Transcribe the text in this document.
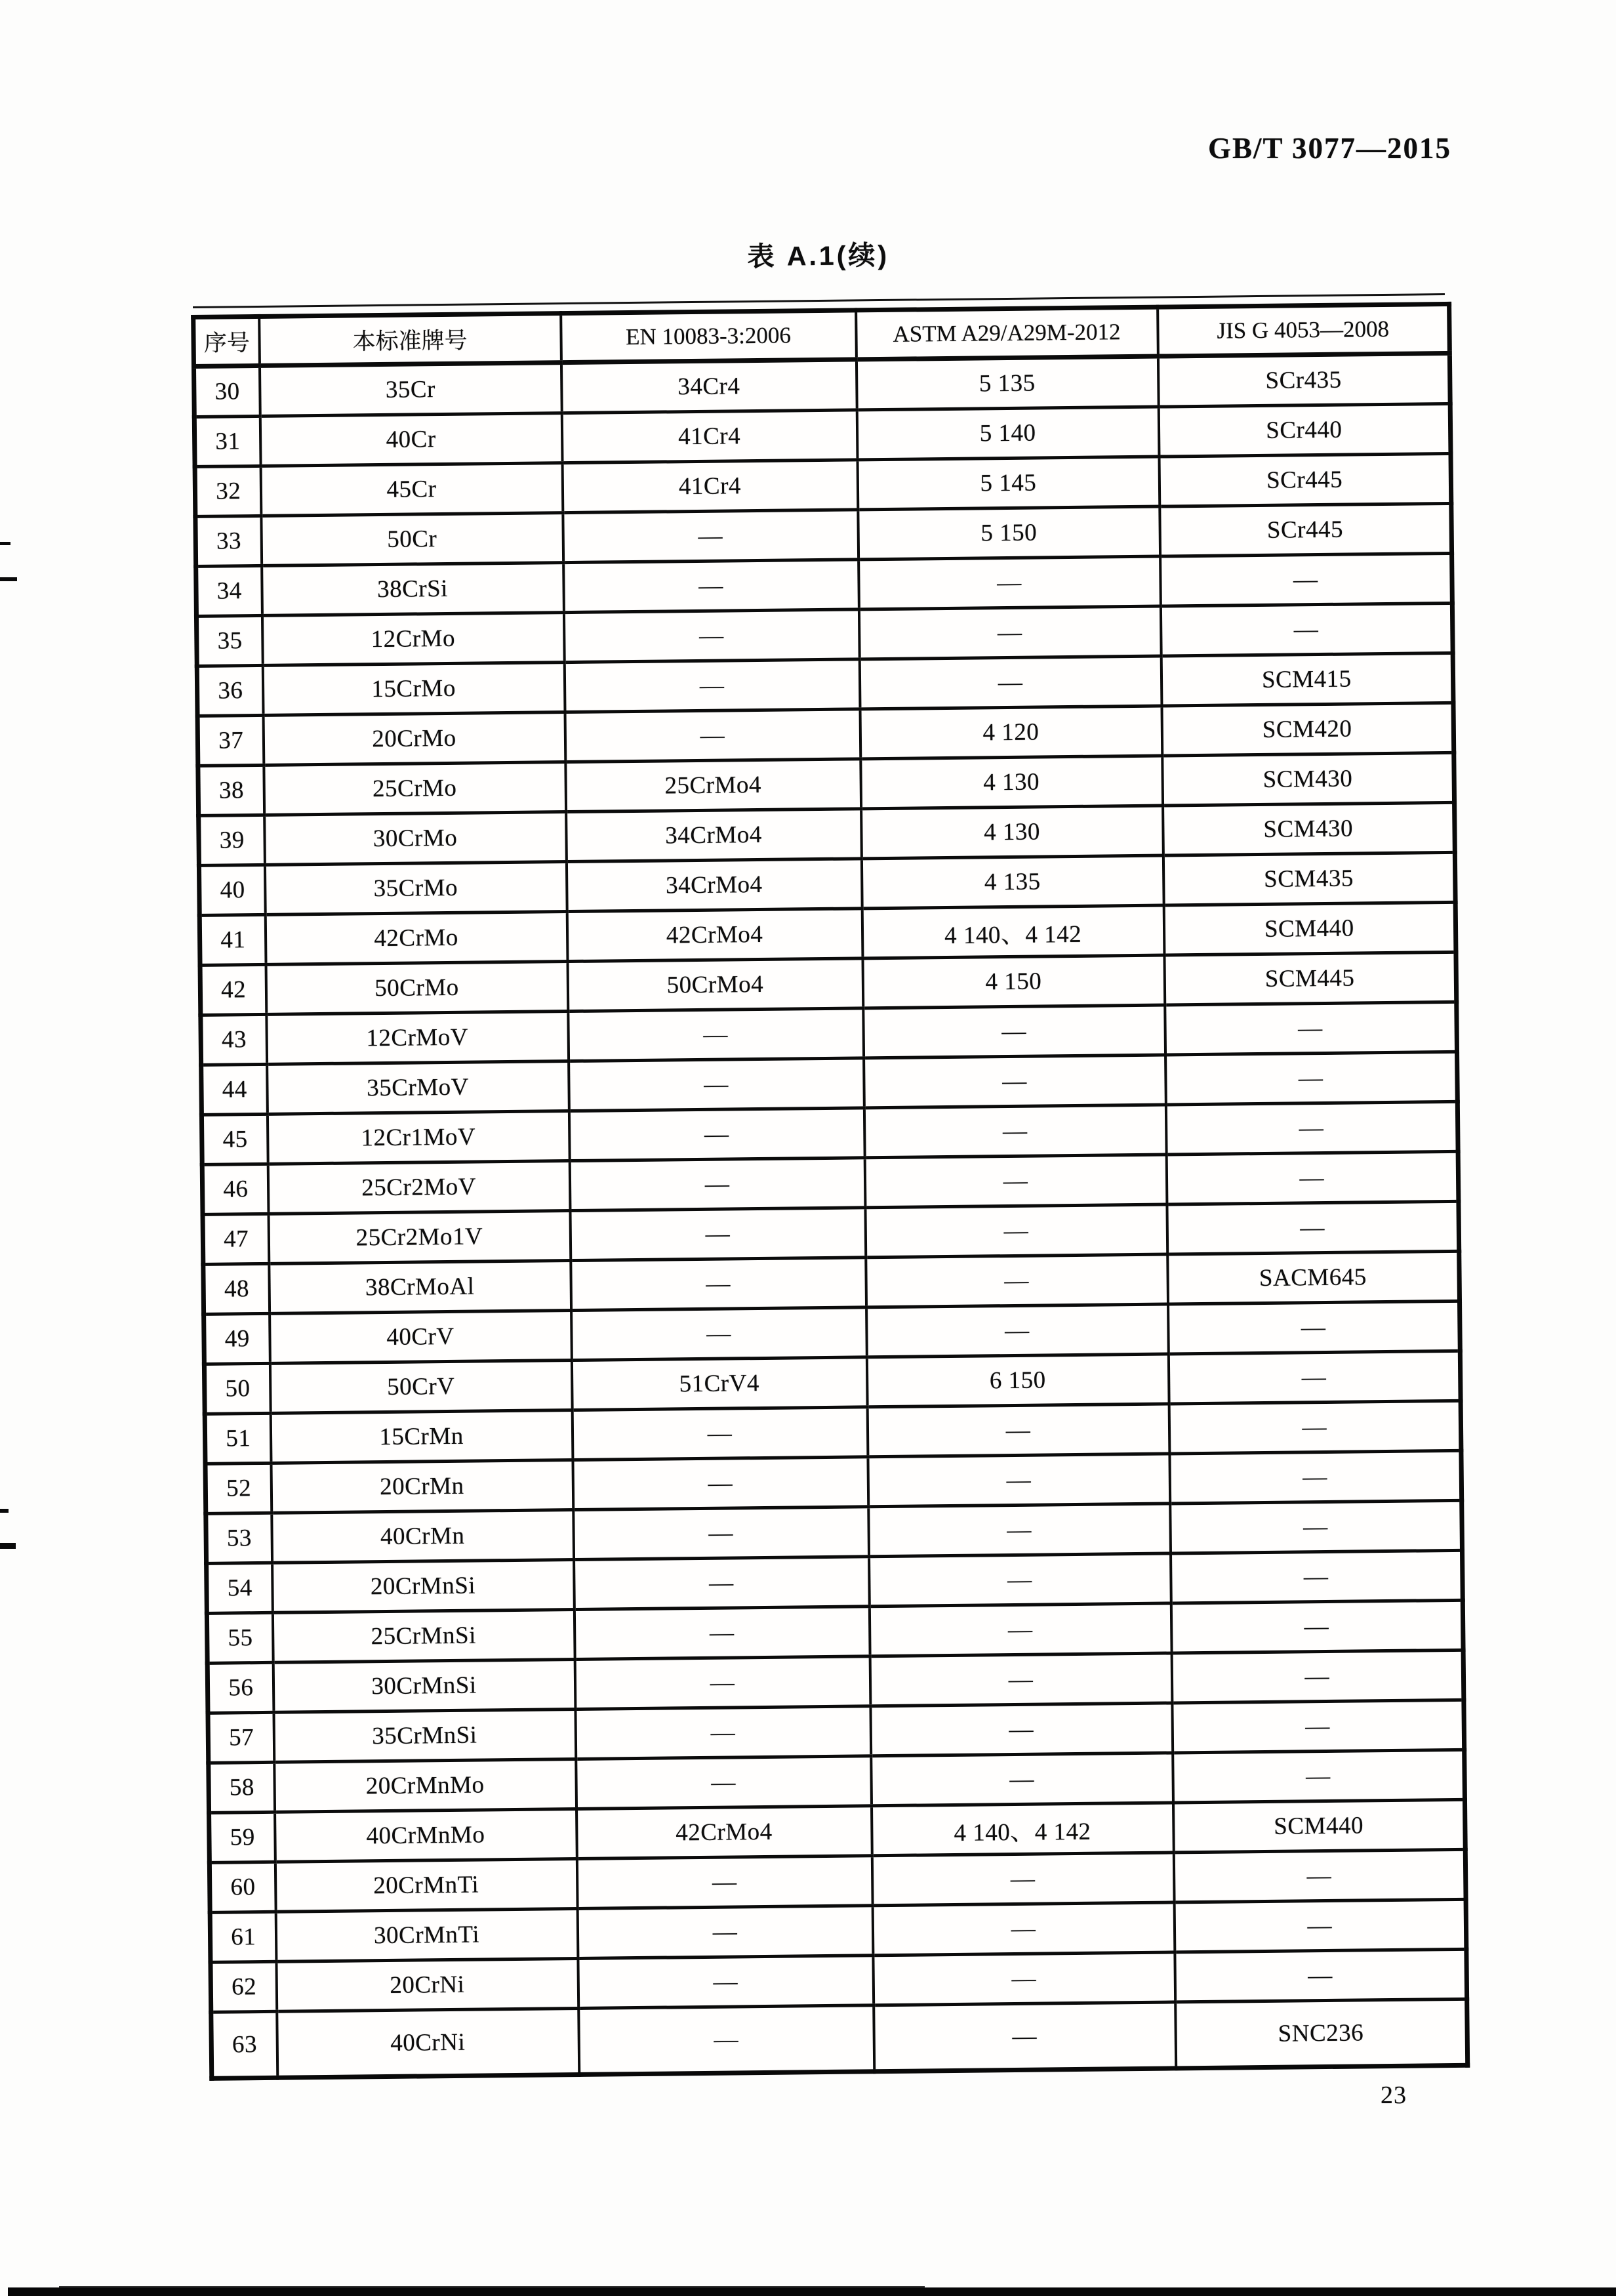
GB/T 3077—2015
表 A.1(续)
序号	本标准牌号	EN 10083-3:2006	ASTM A29/A29M-2012	JIS G 4053—2008
30	35Cr	34Cr4	5 135	SCr435
31	40Cr	41Cr4	5 140	SCr440
32	45Cr	41Cr4	5 145	SCr445
33	50Cr	—	5 150	SCr445
34	38CrSi	—	—	—
35	12CrMo	—	—	—
36	15CrMo	—	—	SCM415
37	20CrMo	—	4 120	SCM420
38	25CrMo	25CrMo4	4 130	SCM430
39	30CrMo	34CrMo4	4 130	SCM430
40	35CrMo	34CrMo4	4 135	SCM435
41	42CrMo	42CrMo4	4 140、4 142	SCM440
42	50CrMo	50CrMo4	4 150	SCM445
43	12CrMoV	—	—	—
44	35CrMoV	—	—	—
45	12Cr1MoV	—	—	—
46	25Cr2MoV	—	—	—
47	25Cr2Mo1V	—	—	—
48	38CrMoAl	—	—	SACM645
49	40CrV	—	—	—
50	50CrV	51CrV4	6 150	—
51	15CrMn	—	—	—
52	20CrMn	—	—	—
53	40CrMn	—	—	—
54	20CrMnSi	—	—	—
55	25CrMnSi	—	—	—
56	30CrMnSi	—	—	—
57	35CrMnSi	—	—	—
58	20CrMnMo	—	—	—
59	40CrMnMo	42CrMo4	4 140、4 142	SCM440
60	20CrMnTi	—	—	—
61	30CrMnTi	—	—	—
62	20CrNi	—	—	—
63	40CrNi	—	—	SNC236
23
